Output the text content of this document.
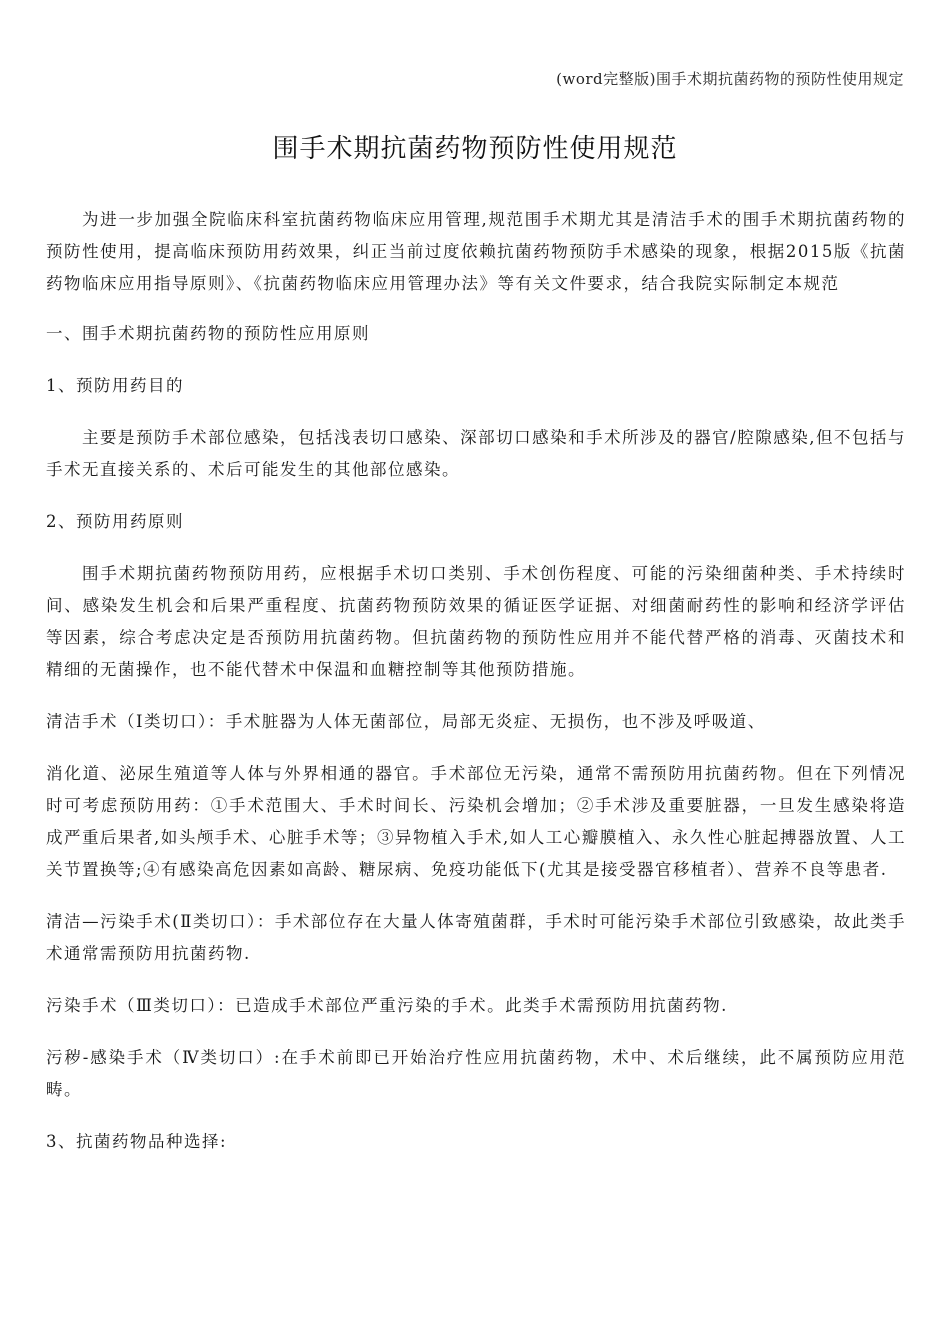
(word完整版)围手术期抗菌药物的预防性使用规定
围手术期抗菌药物预防性使用规范

为进一步加强全院临床科室抗菌药物临床应用管理,规范围手术期尤其是清洁手术的围手术期抗菌药物的预防性使用，提高临床预防用药效果，纠正当前过度依赖抗菌药物预防手术感染的现象，根据2015版《抗菌药物临床应用指导原则》、《抗菌药物临床应用管理办法》等有关文件要求，结合我院实际制定本规范

一、围手术期抗菌药物的预防性应用原则

1、预防用药目的

主要是预防手术部位感染，包括浅表切口感染、深部切口感染和手术所涉及的器官/腔隙感染,但不包括与手术无直接关系的、术后可能发生的其他部位感染。

2、预防用药原则

围手术期抗菌药物预防用药，应根据手术切口类别、手术创伤程度、可能的污染细菌种类、手术持续时间、感染发生机会和后果严重程度、抗菌药物预防效果的循证医学证据、对细菌耐药性的影响和经济学评估等因素，综合考虑决定是否预防用抗菌药物。但抗菌药物的预防性应用并不能代替严格的消毒、灭菌技术和精细的无菌操作，也不能代替术中保温和血糖控制等其他预防措施。

清洁手术（Ⅰ类切口）：手术脏器为人体无菌部位，局部无炎症、无损伤，也不涉及呼吸道、

消化道、泌尿生殖道等人体与外界相通的器官。手术部位无污染，通常不需预防用抗菌药物。但在下列情况时可考虑预防用药：①手术范围大、手术时间长、污染机会增加；②手术涉及重要脏器，一旦发生感染将造成严重后果者,如头颅手术、心脏手术等；③异物植入手术,如人工心瓣膜植入、永久性心脏起搏器放置、人工关节置换等;④有感染高危因素如高龄、糖尿病、免疫功能低下(尤其是接受器官移植者）、营养不良等患者.

清洁—污染手术(Ⅱ类切口）：手术部位存在大量人体寄殖菌群，手术时可能污染手术部位引致感染，故此类手术通常需预防用抗菌药物.

污染手术（Ⅲ类切口）：已造成手术部位严重污染的手术。此类手术需预防用抗菌药物.

污秽-感染手术（Ⅳ类切口）:在手术前即已开始治疗性应用抗菌药物，术中、术后继续，此不属预防应用范畴。

3、抗菌药物品种选择:
